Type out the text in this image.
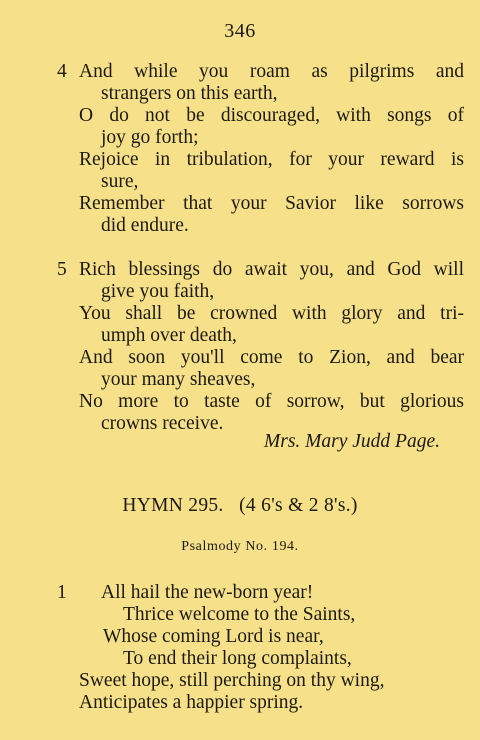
346
4 And while you roam as pilgrims and
strangers on this earth,
O do not be discouraged, with songs of
joy go forth;
Rejoice in tribulation, for your reward is
sure,
Remember that your Savior like sorrows
did endure.
5 Rich blessings do await you, and God will
give you faith,
You shall be crowned with glory and tri-
umph over death,
And soon you'll come to Zion, and bear
your many sheaves,
No more to taste of sorrow, but glorious
crowns receive.
Mrs. Mary Judd Page.
HYMN 295. (4 6's & 2 8's.)
Psalmody No. 194.
1 All hail the new-born year!
Thrice welcome to the Saints,
Whose coming Lord is near,
To end their long complaints,
Sweet hope, still perching on thy wing,
Anticipates a happier spring.
